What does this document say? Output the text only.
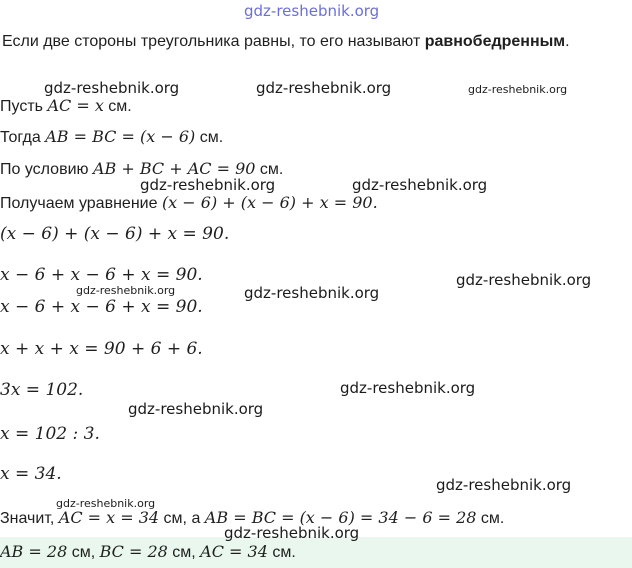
gdz-reshebnik.org
Если две стороны треугольника равны, то его называют равнобедренным.
Пусть AC = x см.
Тогда AB = BC = (x − 6) см.
По условию AB + BC + AC = 90 см.
Получаем уравнение (x − 6) + (x − 6) + x = 90.
(x − 6) + (x − 6) + x = 90.
x − 6 + x − 6 + x = 90.
x − 6 + x − 6 + x = 90.
x + x + x = 90 + 6 + 6.
3x = 102.
x = 102 : 3.
x = 34.
Значит, AC = x = 34 см, а AB = BC = (x − 6) = 34 − 6 = 28 см.
AB = 28 см, BC = 28 см, AC = 34 см.
gdz-reshebnik.org	gdz-reshebnik.org	gdz-reshebnik.org
gdz-reshebnik.org	gdz-reshebnik.org
gdz-reshebnik.org
gdz-reshebnik.org	gdz-reshebnik.org
gdz-reshebnik.org
gdz-reshebnik.org
gdz-reshebnik.org
gdz-reshebnik.org
gdz-reshebnik.org
